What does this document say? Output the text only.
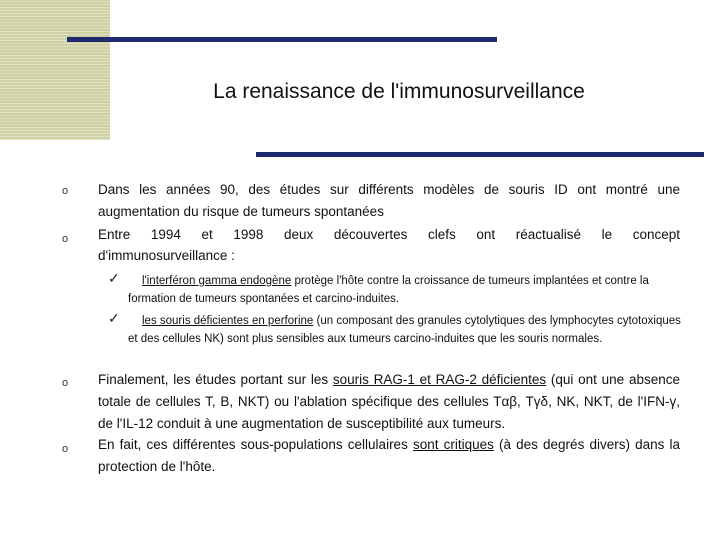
La renaissance de l'immunosurveillance
o Dans les années 90, des études sur différents modèles de souris ID ont montré une augmentation du risque de tumeurs spontanées
o Entre 1994 et 1998 deux découvertes clefs ont réactualisé le concept
d'immunosurveillance :
✓	l'interféron gamma endogène protège l'hôte contre la croissance de tumeurs implantées et contre la formation de tumeurs spontanées et carcino-induites.
✓	les souris déficientes en perforine (un composant des granules cytolytiques des lymphocytes cytotoxiques et des cellules NK) sont plus sensibles aux tumeurs carcino-induites que les souris normales.
o Finalement, les études portant sur les souris RAG-1 et RAG-2 déficientes (qui ont une absence totale de cellules T, B, NKT) ou l'ablation spécifique des cellules Tαβ, Tγδ, NK, NKT, de l'IFN-γ, de l'IL-12 conduit à une augmentation de susceptibilité aux tumeurs.
o En fait, ces différentes sous-populations cellulaires sont critiques (à des degrés divers) dans la protection de l'hôte.
